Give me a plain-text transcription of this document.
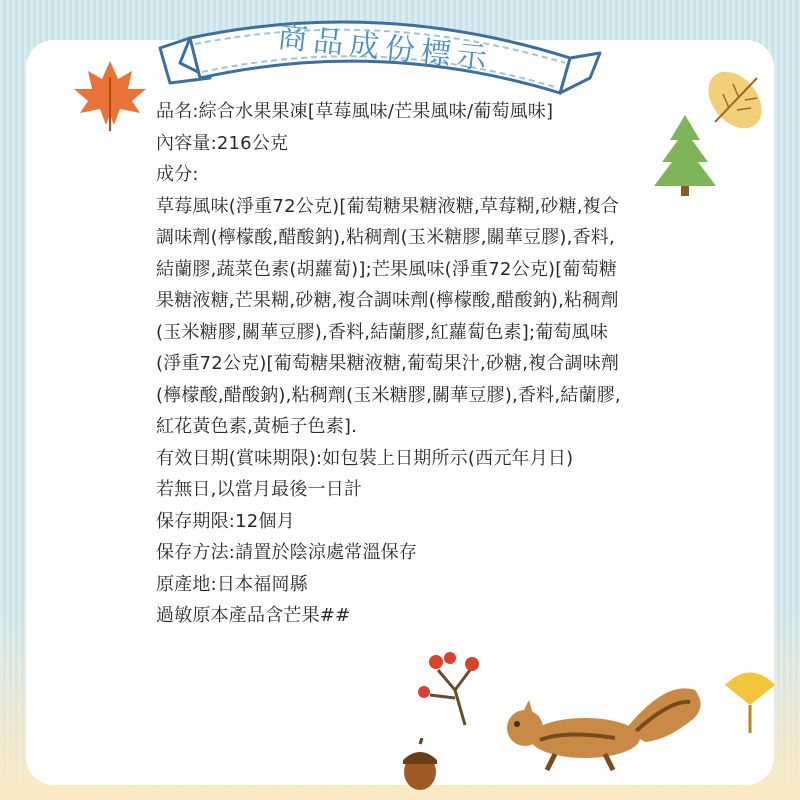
商品成份標示

品名:綜合水果果凍[草莓風味/芒果風味/葡萄風味]

內容量:216公克

成分:

草莓風味(淨重72公克)[葡萄糖果糖液糖,草莓糊,砂糖,複合調味劑(檸檬酸,醋酸鈉),粘稠劑(玉米糖膠,關華豆膠),香料,結蘭膠,蔬菜色素(胡蘿蔔)];芒果風味(淨重72公克)[葡萄糖果糖液糖,芒果糊,砂糖,複合調味劑(檸檬酸,醋酸鈉),粘稠劑(玉米糖膠,關華豆膠),香料,結蘭膠,紅蘿蔔色素];葡萄風味(淨重72公克)[葡萄糖果糖液糖,葡萄果汁,砂糖,複合調味劑(檸檬酸,醋酸鈉),粘稠劑(玉米糖膠,關華豆膠),香料,結蘭膠,紅花黃色素,黃梔子色素].

有效日期(賞味期限):如包裝上日期所示(西元年月日)

若無日,以當月最後一日計

保存期限:12個月

保存方法:請置於陰涼處常溫保存

原產地:日本福岡縣

過敏原本產品含芒果##
